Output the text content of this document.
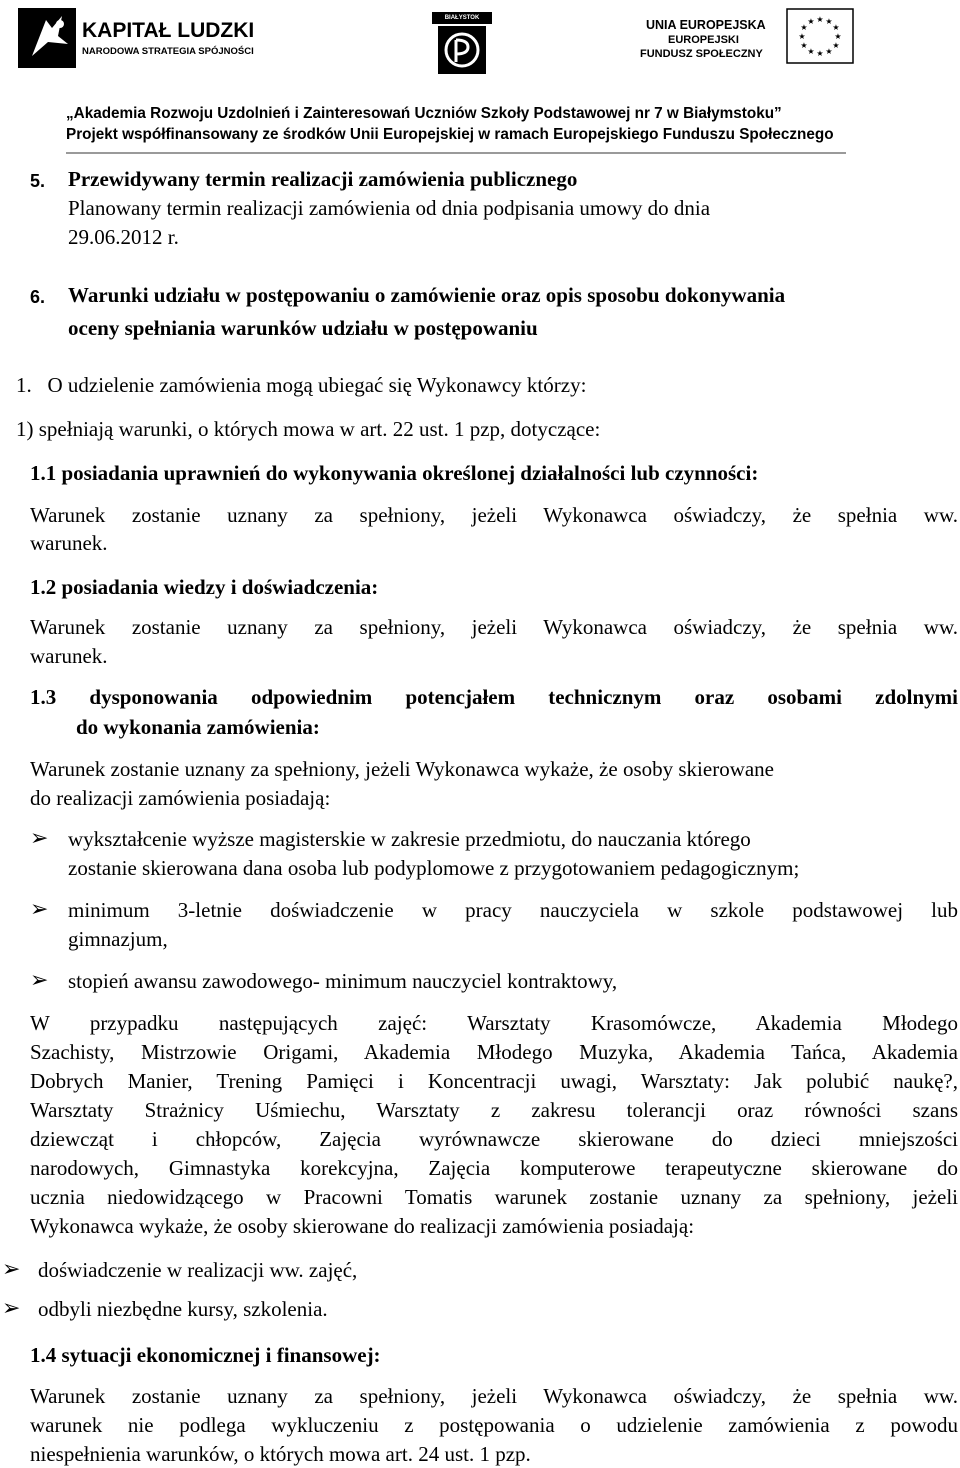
KAPITAŁ LUDZKI
NARODOWA STRATEGIA SPÓJNOŚCI
BIAŁYSTOK	UNIA EUROPEJSKA
EUROPEJSKI
FUNDUSZ SPOŁECZNY
★ ★
★
★
★
★
★
★
★
★
★
★
„Akademia Rozwoju Uzdolnień i Zainteresowań Uczniów Szkoły Podstawowej nr 7 w Białymstoku”
Projekt współfinansowany ze środków Unii Europejskiej w ramach Europejskiego Funduszu Społecznego
5. Przewidywany termin realizacji zamówienia publicznego
Planowany termin realizacji zamówienia od dnia podpisania umowy do dnia
29.06.2012 r.
6. Warunki udziału w postępowaniu o zamówienie oraz opis sposobu dokonywania
oceny spełniania warunków udziału w postępowaniu
1.   O udzielenie zamówienia mogą ubiegać się Wykonawcy którzy:
1) spełniają warunki, o których mowa w art. 22 ust. 1 pzp, dotyczące:
1.1 posiadania uprawnień do wykonywania określonej działalności lub czynności:
Warunek zostanie uznany za spełniony, jeżeli Wykonawca oświadczy, że spełnia ww.
warunek.
1.2 posiadania wiedzy i doświadczenia:
Warunek zostanie uznany za spełniony, jeżeli Wykonawca oświadczy, że spełnia ww.
warunek.
1.3 dysponowania odpowiednim potencjałem technicznym oraz osobami zdolnymi
do wykonania zamówienia:
Warunek zostanie uznany za spełniony, jeżeli Wykonawca wykaże, że osoby skierowane
do realizacji zamówienia posiadają:
➢ wykształcenie wyższe magisterskie w zakresie przedmiotu, do nauczania którego
zostanie skierowana dana osoba lub podyplomowe z przygotowaniem pedagogicznym;
➢ minimum 3-letnie doświadczenie w pracy nauczyciela w szkole podstawowej lub
gimnazjum,
➢ stopień awansu zawodowego- minimum nauczyciel kontraktowy,
W przypadku następujących zajęć: Warsztaty Krasomówcze, Akademia Młodego
Szachisty, Mistrzowie Origami, Akademia Młodego Muzyka, Akademia Tańca, Akademia
Dobrych Manier, Trening Pamięci i Koncentracji uwagi, Warsztaty: Jak polubić naukę?,
Warsztaty Strażnicy Uśmiechu, Warsztaty z zakresu tolerancji oraz równości szans
dziewcząt i chłopców, Zajęcia wyrównawcze skierowane do dzieci mniejszości
narodowych, Gimnastyka korekcyjna, Zajęcia komputerowe terapeutyczne skierowane do
ucznia niedowidzącego w Pracowni Tomatis warunek zostanie uznany za spełniony, jeżeli
Wykonawca wykaże, że osoby skierowane do realizacji zamówienia posiadają:
➢ doświadczenie w realizacji ww. zajęć,
➢ odbyli niezbędne kursy, szkolenia.
1.4 sytuacji ekonomicznej i finansowej:
Warunek zostanie uznany za spełniony, jeżeli Wykonawca oświadczy, że spełnia ww.
warunek nie podlega wykluczeniu z postępowania o udzielenie zamówienia z powodu
niespełnienia warunków, o których mowa art. 24 ust. 1 pzp.
